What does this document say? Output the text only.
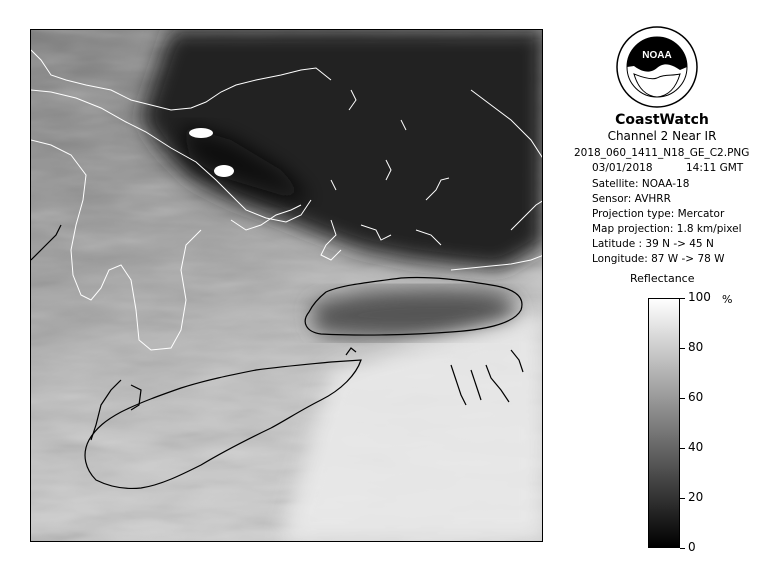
NOAA
CoastWatch
Channel 2 Near IR
2018_060_1411_N18_GE_C2.PNG
03/01/2018	14:11 GMT
Satellite: NOAA-18
Sensor: AVHRR
Projection type: Mercator
Map projection: 1.8 km/pixel
Latitude : 39 N -> 45 N
Longitude: 87 W -> 78 W
Reflectance
%
0
20
40
60
80
100
